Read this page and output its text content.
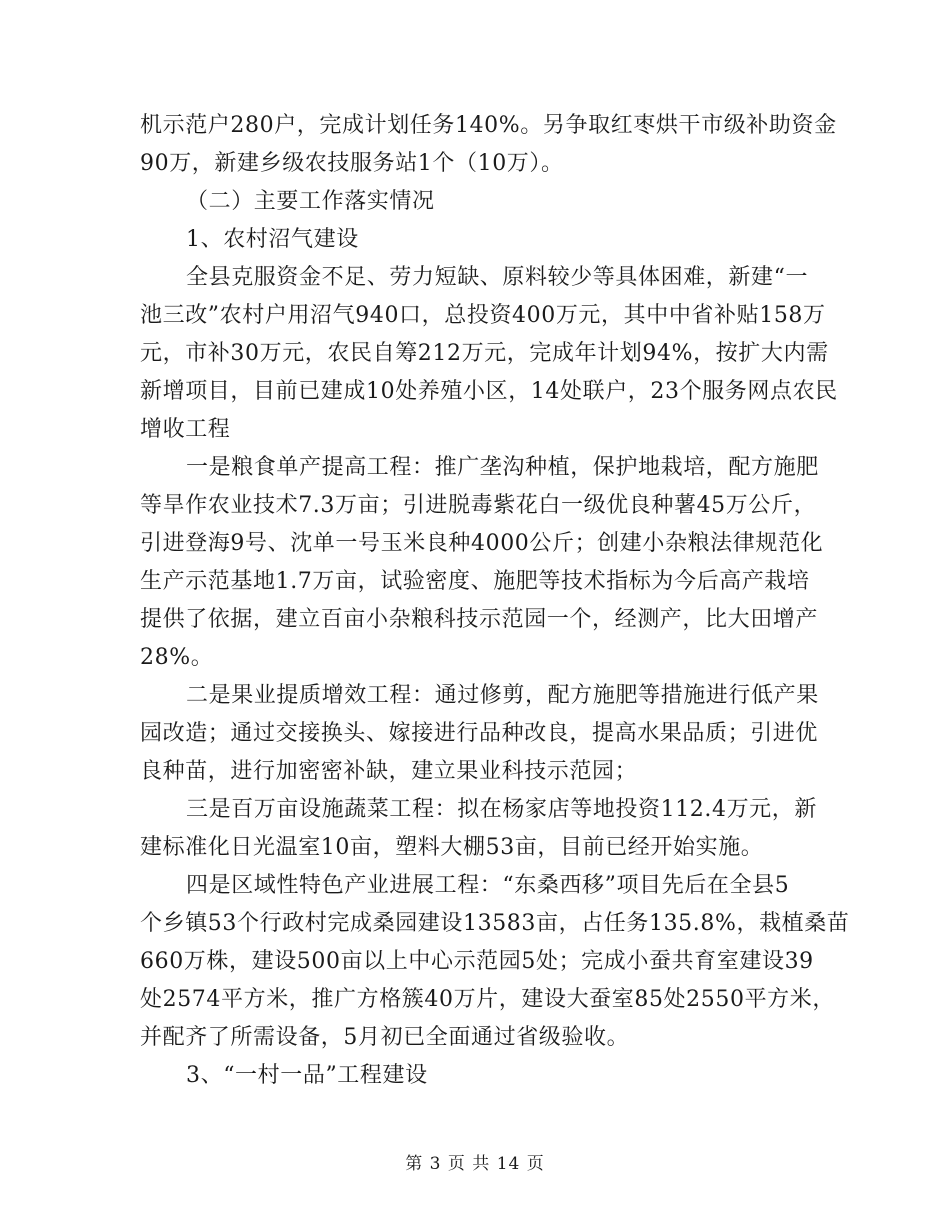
机示范户280户，完成计划任务140%。另争取红枣烘干市级补助资金
90万，新建乡级农技服务站1个（10万）。
（二）主要工作落实情况
1、农村沼气建设
全县克服资金不足、劳力短缺、原料较少等具体困难，新建“一
池三改”农村户用沼气940口，总投资400万元，其中中省补贴158万
元，市补30万元，农民自筹212万元，完成年计划94%，按扩大内需
新增项目，目前已建成10处养殖小区，14处联户，23个服务网点农民
增收工程
一是粮食单产提高工程：推广垄沟种植，保护地栽培，配方施肥
等旱作农业技术7.3万亩；引进脱毒紫花白一级优良种薯45万公斤，
引进登海9号、沈单一号玉米良种4000公斤；创建小杂粮法律规范化
生产示范基地1.7万亩，试验密度、施肥等技术指标为今后高产栽培
提供了依据，建立百亩小杂粮科技示范园一个，经测产，比大田增产
28%。
二是果业提质增效工程：通过修剪，配方施肥等措施进行低产果
园改造；通过交接换头、嫁接进行品种改良，提高水果品质；引进优
良种苗，进行加密密补缺，建立果业科技示范园；
三是百万亩设施蔬菜工程：拟在杨家店等地投资112.4万元，新
建标准化日光温室10亩，塑料大棚53亩，目前已经开始实施。
四是区域性特色产业进展工程：“东桑西移”项目先后在全县5
个乡镇53个行政村完成桑园建设13583亩，占任务135.8%，栽植桑苗
660万株，建设500亩以上中心示范园5处；完成小蚕共育室建设39
处2574平方米，推广方格簇40万片，建设大蚕室85处2550平方米，
并配齐了所需设备，5月初已全面通过省级验收。
3、“一村一品”工程建设
第 3 页 共 14 页
